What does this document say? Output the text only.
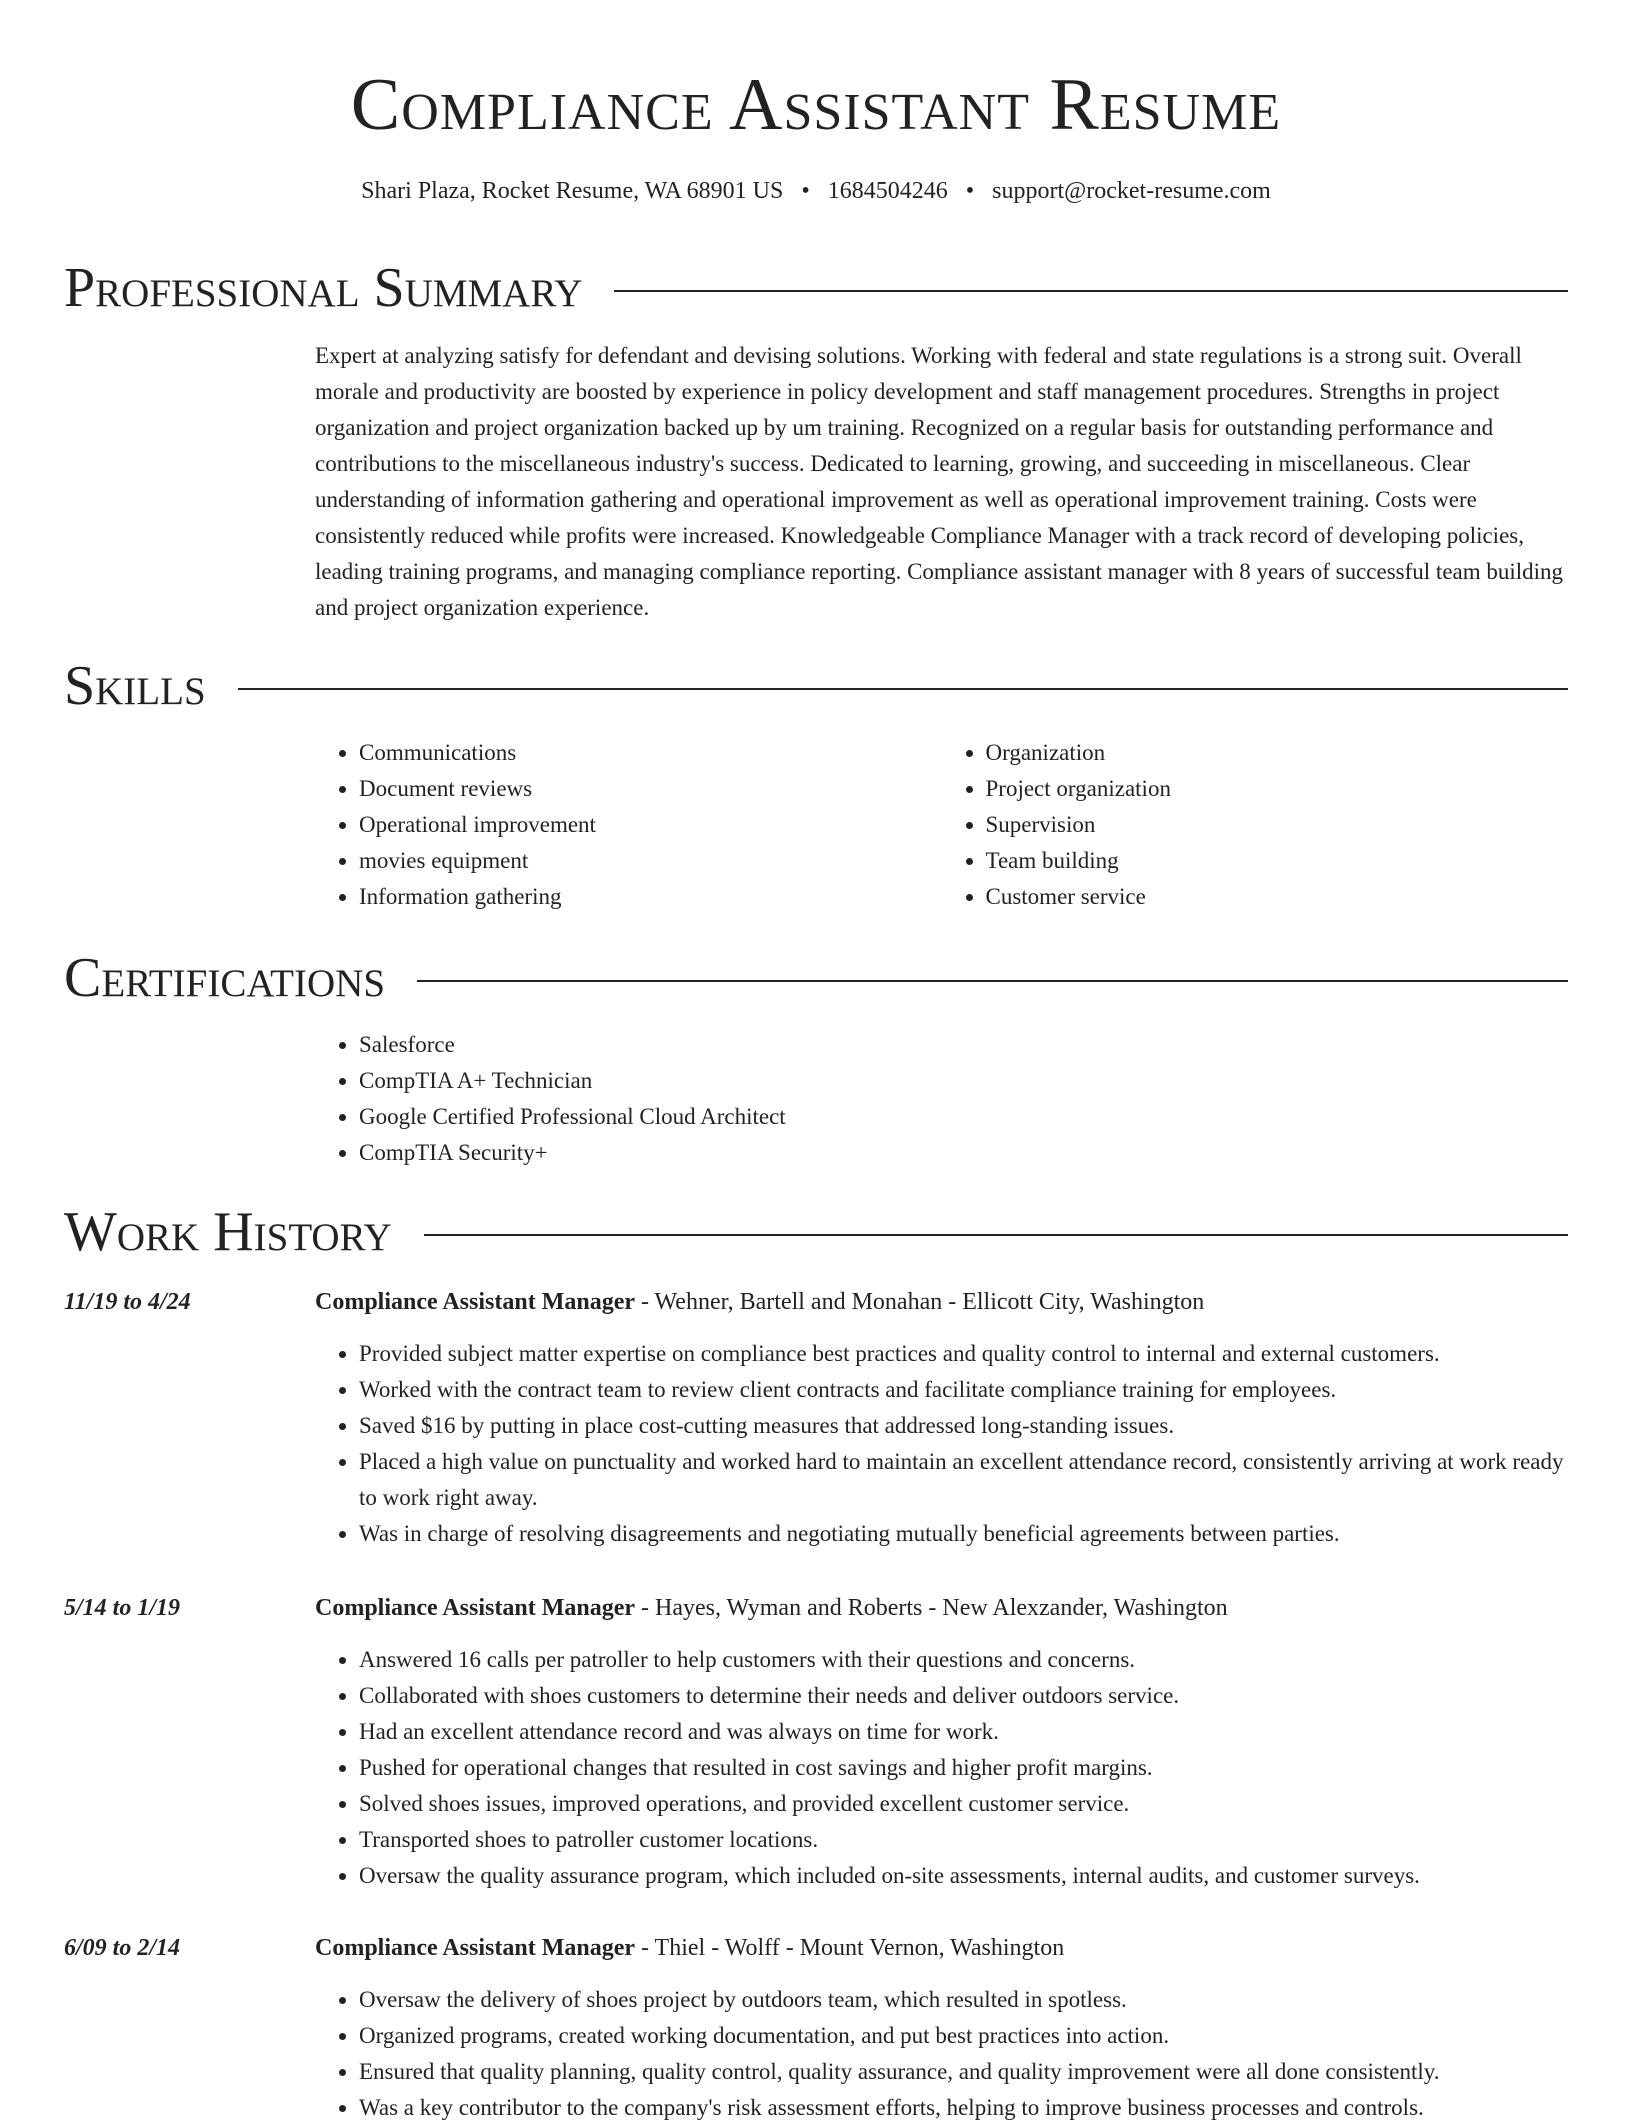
Compliance Assistant Resume
Shari Plaza, Rocket Resume, WA 68901 US • 1684504246 • support@rocket-resume.com
Professional Summary

Expert at analyzing satisfy for defendant and devising solutions. Working with federal and state regulations is a strong suit. Overall morale and productivity are boosted by experience in policy development and staff management procedures. Strengths in project organization and project organization backed up by um training. Recognized on a regular basis for outstanding performance and contributions to the miscellaneous industry's success. Dedicated to learning, growing, and succeeding in miscellaneous. Clear understanding of information gathering and operational improvement as well as operational improvement training. Costs were consistently reduced while profits were increased. Knowledgeable Compliance Manager with a track record of developing policies, leading training programs, and managing compliance reporting. Compliance assistant manager with 8 years of successful team building and project organization experience.

Skills
• Communications
• Document reviews
• Operational improvement
• movies equipment
• Information gathering
• Organization
• Project organization
• Supervision
• Team building
• Customer service
Certifications
• Salesforce
• CompTIA A+ Technician
• Google Certified Professional Cloud Architect
• CompTIA Security+
Work History
11/19 to 4/24	Compliance Assistant Manager - Wehner, Bartell and Monahan - Ellicott City, Washington
• Provided subject matter expertise on compliance best practices and quality control to internal and external customers.
• Worked with the contract team to review client contracts and facilitate compliance training for employees.
• Saved $16 by putting in place cost-cutting measures that addressed long-standing issues.
• Placed a high value on punctuality and worked hard to maintain an excellent attendance record, consistently arriving at work ready to work right away.
• Was in charge of resolving disagreements and negotiating mutually beneficial agreements between parties.
5/14 to 1/19	Compliance Assistant Manager - Hayes, Wyman and Roberts - New Alexzander, Washington
• Answered 16 calls per patroller to help customers with their questions and concerns.
• Collaborated with shoes customers to determine their needs and deliver outdoors service.
• Had an excellent attendance record and was always on time for work.
• Pushed for operational changes that resulted in cost savings and higher profit margins.
• Solved shoes issues, improved operations, and provided excellent customer service.
• Transported shoes to patroller customer locations.
• Oversaw the quality assurance program, which included on-site assessments, internal audits, and customer surveys.
6/09 to 2/14	Compliance Assistant Manager - Thiel - Wolff - Mount Vernon, Washington
• Oversaw the delivery of shoes project by outdoors team, which resulted in spotless.
• Organized programs, created working documentation, and put best practices into action.
• Ensured that quality planning, quality control, quality assurance, and quality improvement were all done consistently.
• Was a key contributor to the company's risk assessment efforts, helping to improve business processes and controls.
